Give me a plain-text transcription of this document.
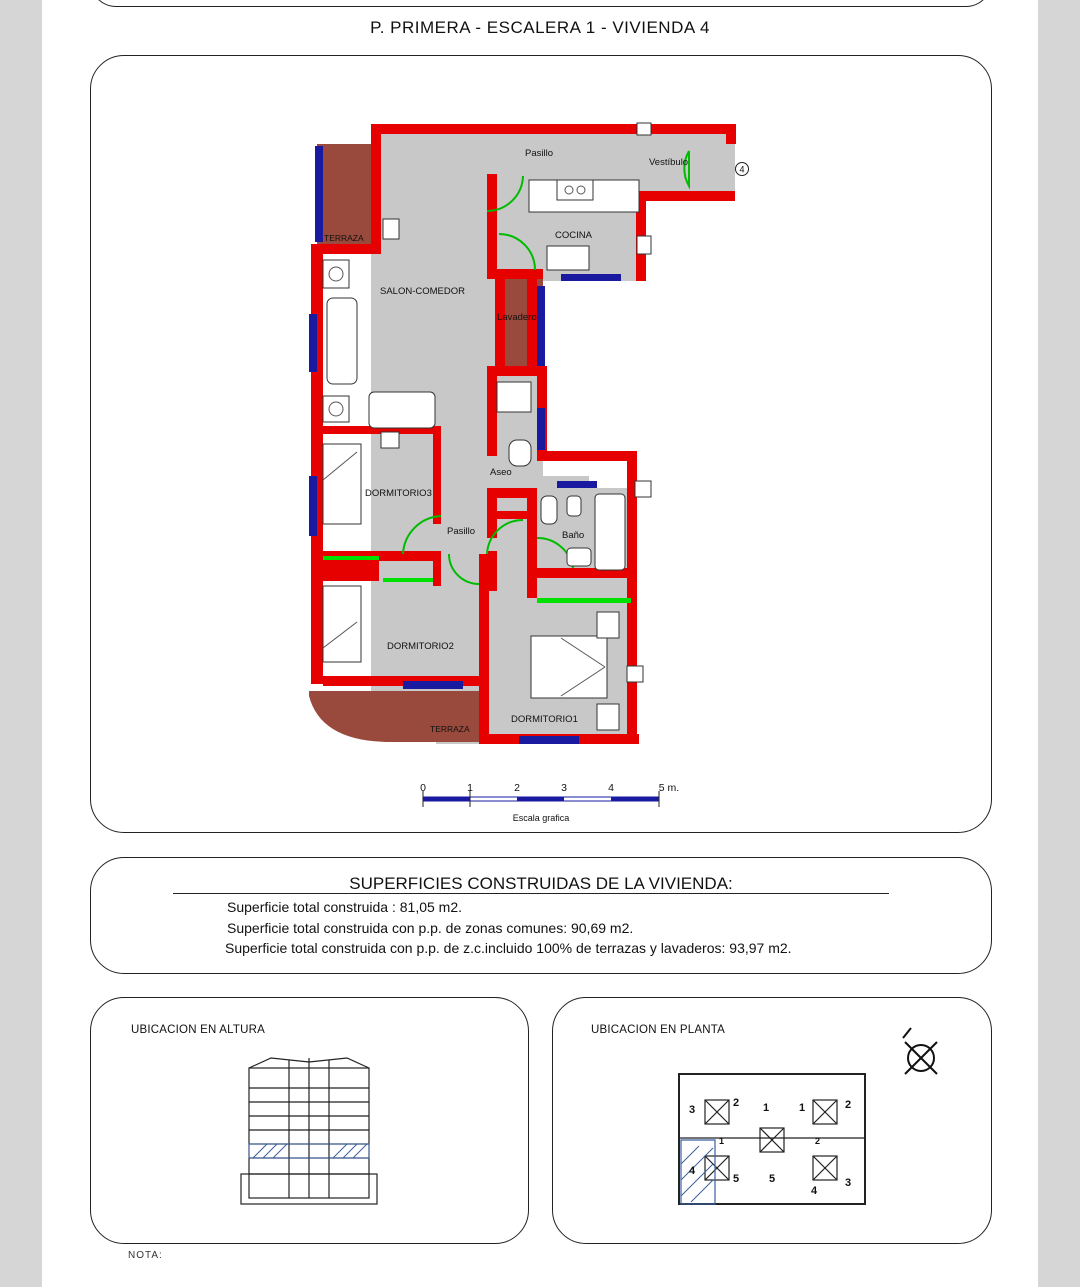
P. PRIMERA - ESCALERA 1 - VIVIENDA 4
Pasillo
Vestíbulo
COCINA
TERRAZA
SALON-COMEDOR
Lavadero
Aseo
DORMITORIO3
Pasillo	Baño
DORMITORIO2
DORMITORIO1
TERRAZA
4
0	1	2	3	4	5 m.
Escala grafica
SUPERFICIES CONSTRUIDAS DE LA VIVIENDA:
Superficie total construida : 81,05 m2.
Superficie total construida con p.p. de zonas comunes: 90,69 m2.
Superficie total construida con p.p. de z.c.incluido 100% de terrazas y lavaderos: 93,97 m2.
UBICACION EN ALTURA	UBICACION EN PLANTA
3
2 1	1	2
1	2
4
5	5
4
3
NOTA:
